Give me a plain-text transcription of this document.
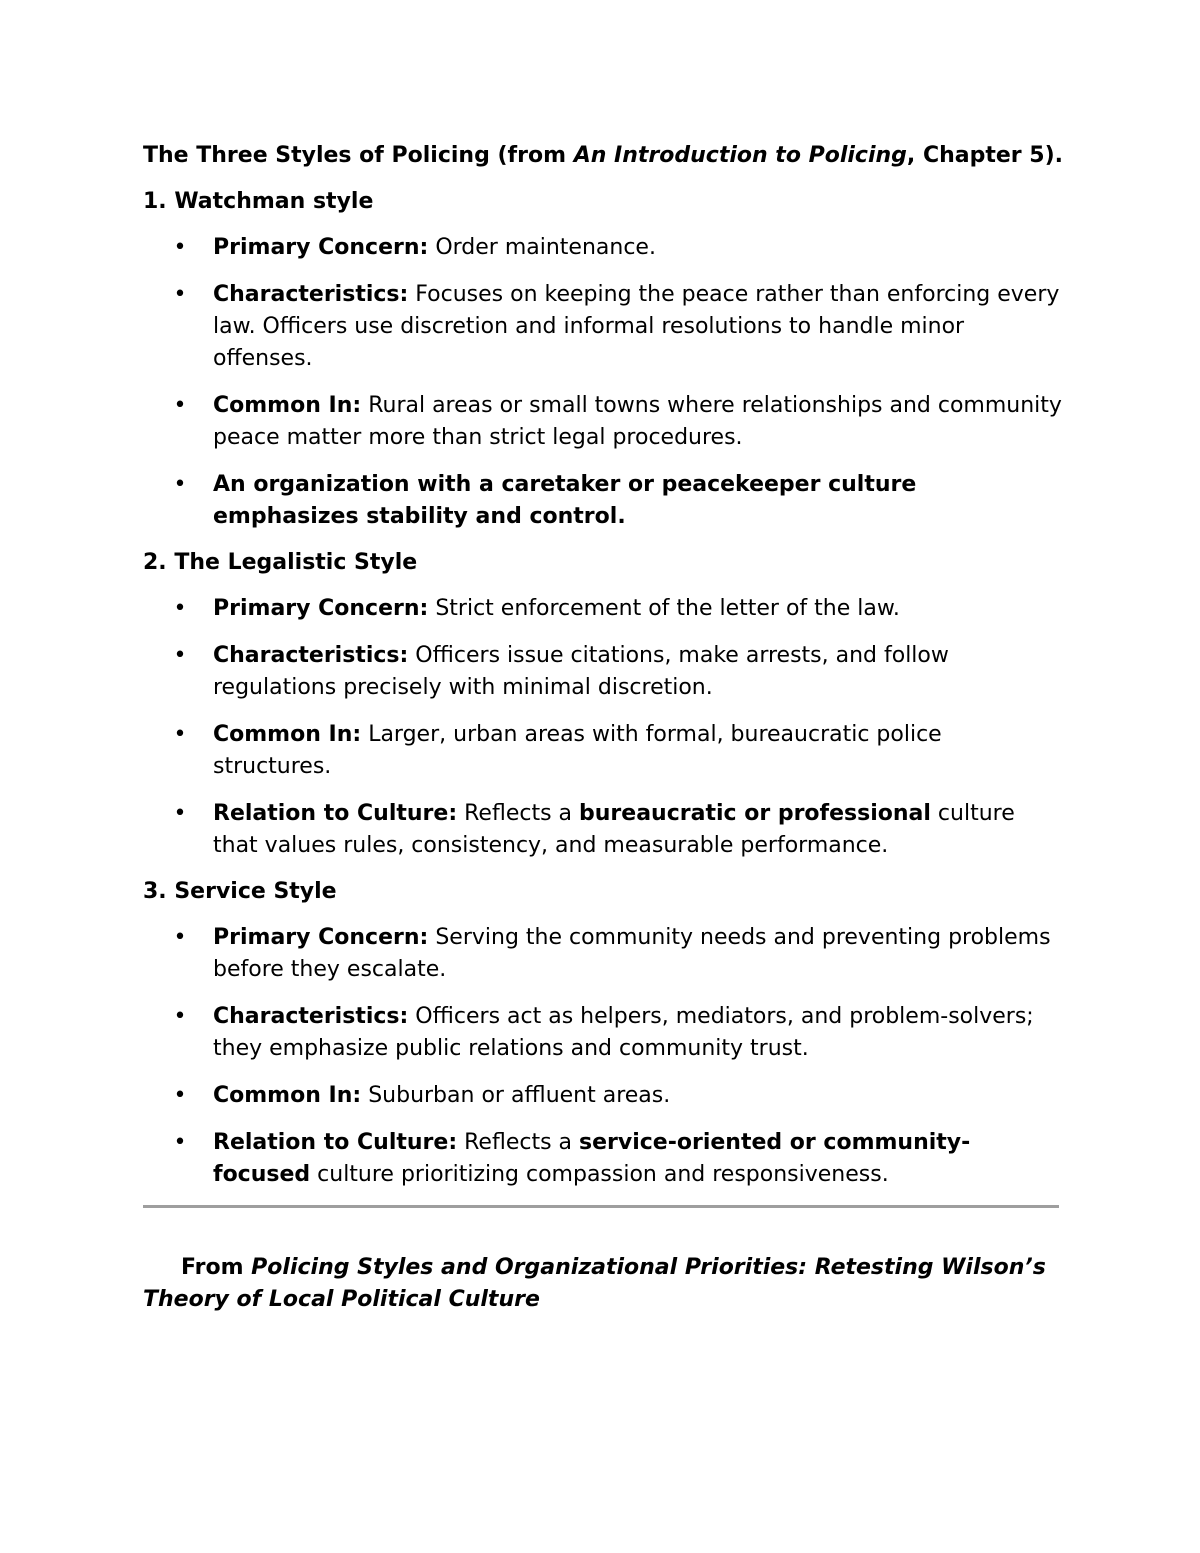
The Three Styles of Policing (from An Introduction to Policing, Chapter 5).
1. Watchman style
• Primary Concern: Order maintenance.
• Characteristics: Focuses on keeping the peace rather than enforcing every law. Officers use discretion and informal resolutions to handle minor offenses.
• Common In: Rural areas or small towns where relationships and community peace matter more than strict legal procedures.
• An organization with a caretaker or peacekeeper culture emphasizes stability and control.
2. The Legalistic Style
• Primary Concern: Strict enforcement of the letter of the law.
• Characteristics: Officers issue citations, make arrests, and follow regulations precisely with minimal discretion.
• Common In: Larger, urban areas with formal, bureaucratic police structures.
• Relation to Culture: Reflects a bureaucratic or professional culture that values rules, consistency, and measurable performance.
3. Service Style
• Primary Concern: Serving the community needs and preventing problems before they escalate.
• Characteristics: Officers act as helpers, mediators, and problem-solvers; they emphasize public relations and community trust.
• Common In: Suburban or affluent areas.
• Relation to Culture: Reflects a service-oriented or community-focused culture prioritizing compassion and responsiveness.
From Policing Styles and Organizational Priorities: Retesting Wilson’s Theory of Local Political Culture
